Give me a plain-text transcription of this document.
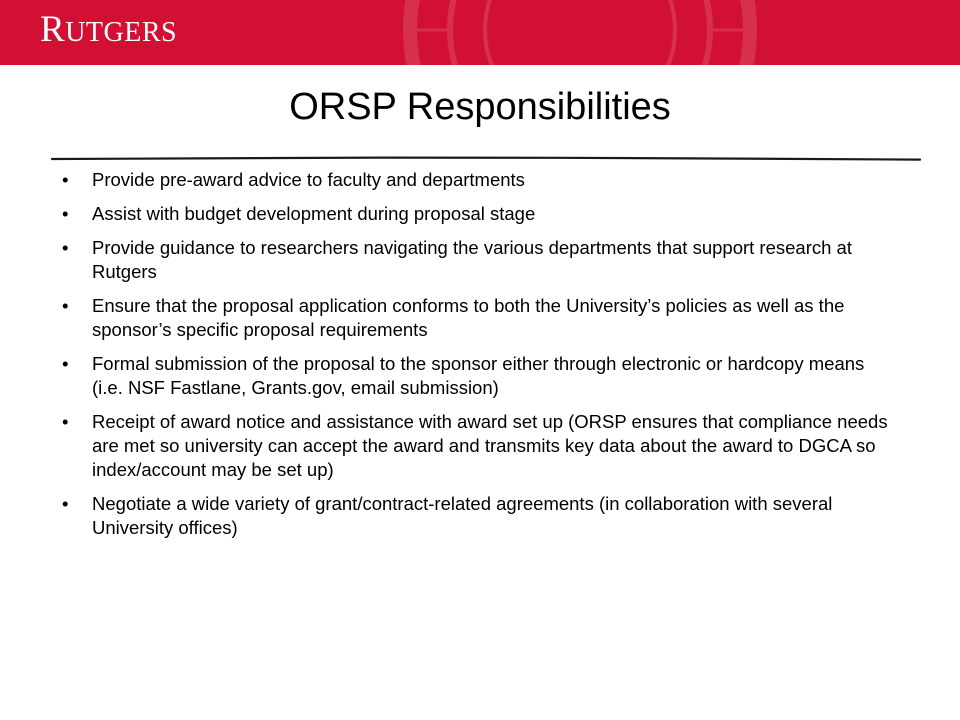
RUTGERS
ORSP Responsibilities
• Provide pre-award advice to faculty and departments
• Assist with budget development during proposal stage
• Provide guidance to researchers navigating the various departments that support research at Rutgers
• Ensure that the proposal application conforms to both the University’s policies as well as the sponsor’s specific proposal requirements
• Formal submission of the proposal to the sponsor either through electronic or hardcopy means (i.e. NSF Fastlane, Grants.gov, email submission)
• Receipt of award notice and assistance with award set up (ORSP ensures that compliance needs are met so university can accept the award and transmits key data about the award to DGCA so index/account may be set up)
• Negotiate a wide variety of grant/contract-related agreements (in collaboration with several University offices)
